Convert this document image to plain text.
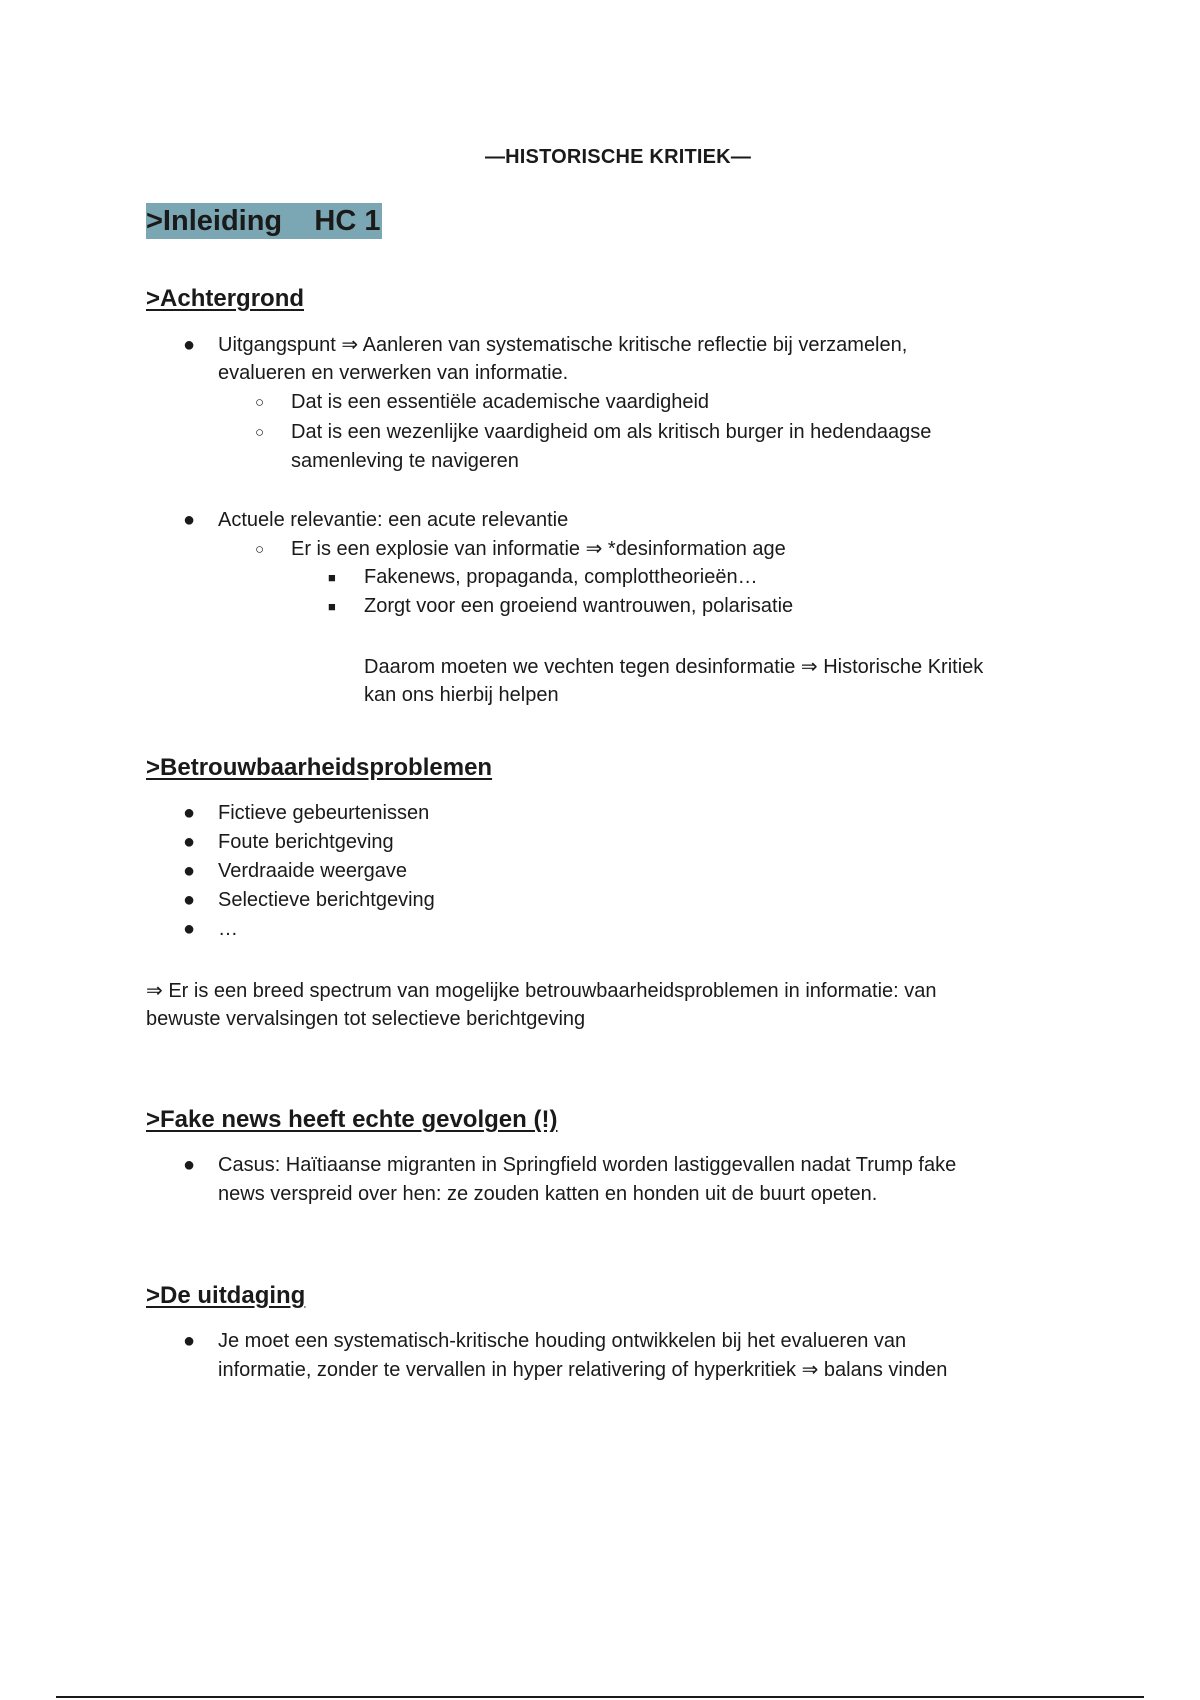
—HISTORISCHE KRITIEK—
>Inleiding    HC 1
>Achtergrond
● Uitgangspunt ⇒ Aanleren van systematische kritische reflectie bij verzamelen,
evalueren en verwerken van informatie.
○ Dat is een essentiële academische vaardigheid
○ Dat is een wezenlijke vaardigheid om als kritisch burger in hedendaagse
samenleving te navigeren
● Actuele relevantie: een acute relevantie
○ Er is een explosie van informatie ⇒ *desinformation age
■ Fakenews, propaganda, complottheorieën…
■ Zorgt voor een groeiend wantrouwen, polarisatie
Daarom moeten we vechten tegen desinformatie ⇒ Historische Kritiek
kan ons hierbij helpen
>Betrouwbaarheidsproblemen
● Fictieve gebeurtenissen
● Foute berichtgeving
● Verdraaide weergave
● Selectieve berichtgeving
● …
⇒ Er is een breed spectrum van mogelijke betrouwbaarheidsproblemen in informatie: van
bewuste vervalsingen tot selectieve berichtgeving
>Fake news heeft echte gevolgen (!)
● Casus: Haïtiaanse migranten in Springfield worden lastiggevallen nadat Trump fake
news verspreid over hen: ze zouden katten en honden uit de buurt opeten.
>De uitdaging
● Je moet een systematisch-kritische houding ontwikkelen bij het evalueren van
informatie, zonder te vervallen in hyper relativering of hyperkritiek ⇒ balans vinden
